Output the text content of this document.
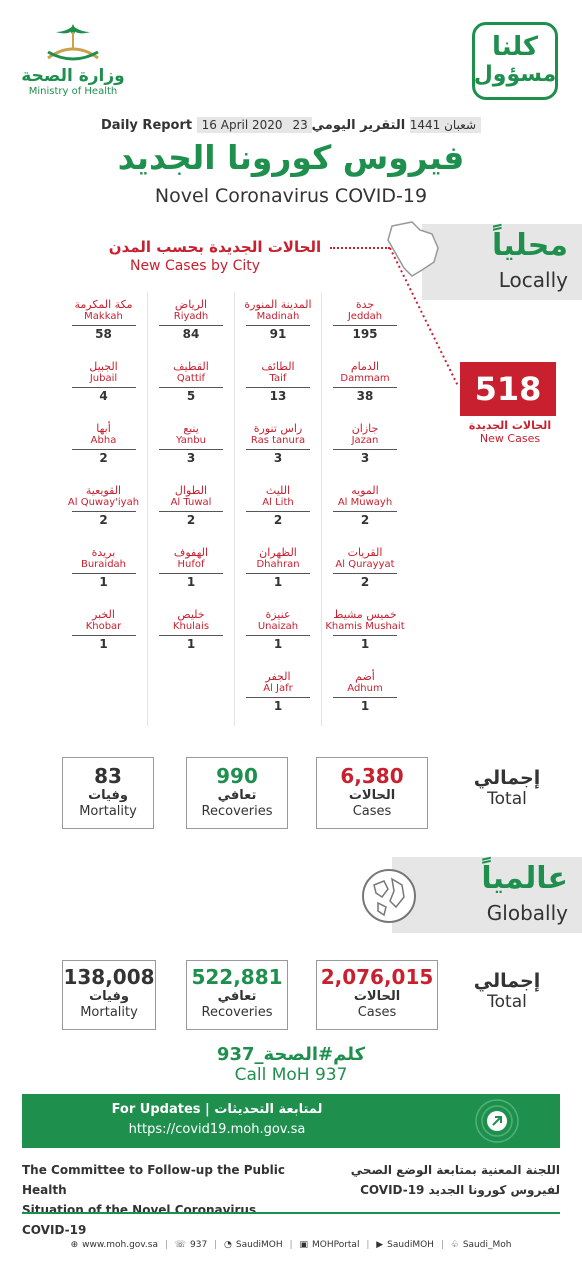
وزارة الصحة
Ministry of Health
كلنا
مسؤول
Daily Report 16 April 2020 23 شعبان 1441 التقرير اليومي
فيروس كورونا الجديد
Novel Coronavirus COVID-19
محلياً
Locally
الحالات الجديدة بحسب المدن
New Cases by City
518
الحالات الجديدة
New Cases
مكة المكرمة
Makkah
58
الرياض
Riyadh
84
المدينة المنورة
Madinah
91
جدة
Jeddah
195
الجبيل
Jubail
4
القطيف
Qattif
5
الطائف
Taif
13
الدمام
Dammam
38
أبها
Abha
2
ينبع
Yanbu
3
راس تنورة
Ras tanura
3
جازان
Jazan
3
القويعية
Al Quway'iyah
2
الطوال
Al Tuwal
2
الليث
Al Lith
2
المويه
Al Muwayh
2
بريدة
Buraidah
1
الهفوف
Hufof
1
الظهران
Dhahran
1
القريات
Al Qurayyat
2
الخبر
Khobar
1
خليص
Khulais
1
عنيزة
Unaizah
1
خميس مشيط
Khamis Mushait
1
الجفر
Al Jafr
1
أضم
Adhum
1
83
وفيات
Mortality
990
تعافي
Recoveries
6,380
الحالات
Cases
إجمالي
Total
عالمياً
Globally
138,008
وفيات
Mortality
522,881
تعافي
Recoveries
2,076,015
الحالات
Cases
إجمالي
Total
كلم#الصحة_937
Call MoH 937
For Updates | لمتابعة التحديثات
https://covid19.moh.gov.sa
The Committee to Follow-up the Public Health
Situation of the Novel Coronavirus COVID-19
اللجنة المعنية بمتابعة الوضع الصحي
لفيروس كورونا الجديد COVID-19
⊕ www.moh.gov.sa | ☏ 937 | ◔ SaudiMOH | ▣ MOHPortal | ▶ SaudiMOH | ♧ Saudi_Moh
